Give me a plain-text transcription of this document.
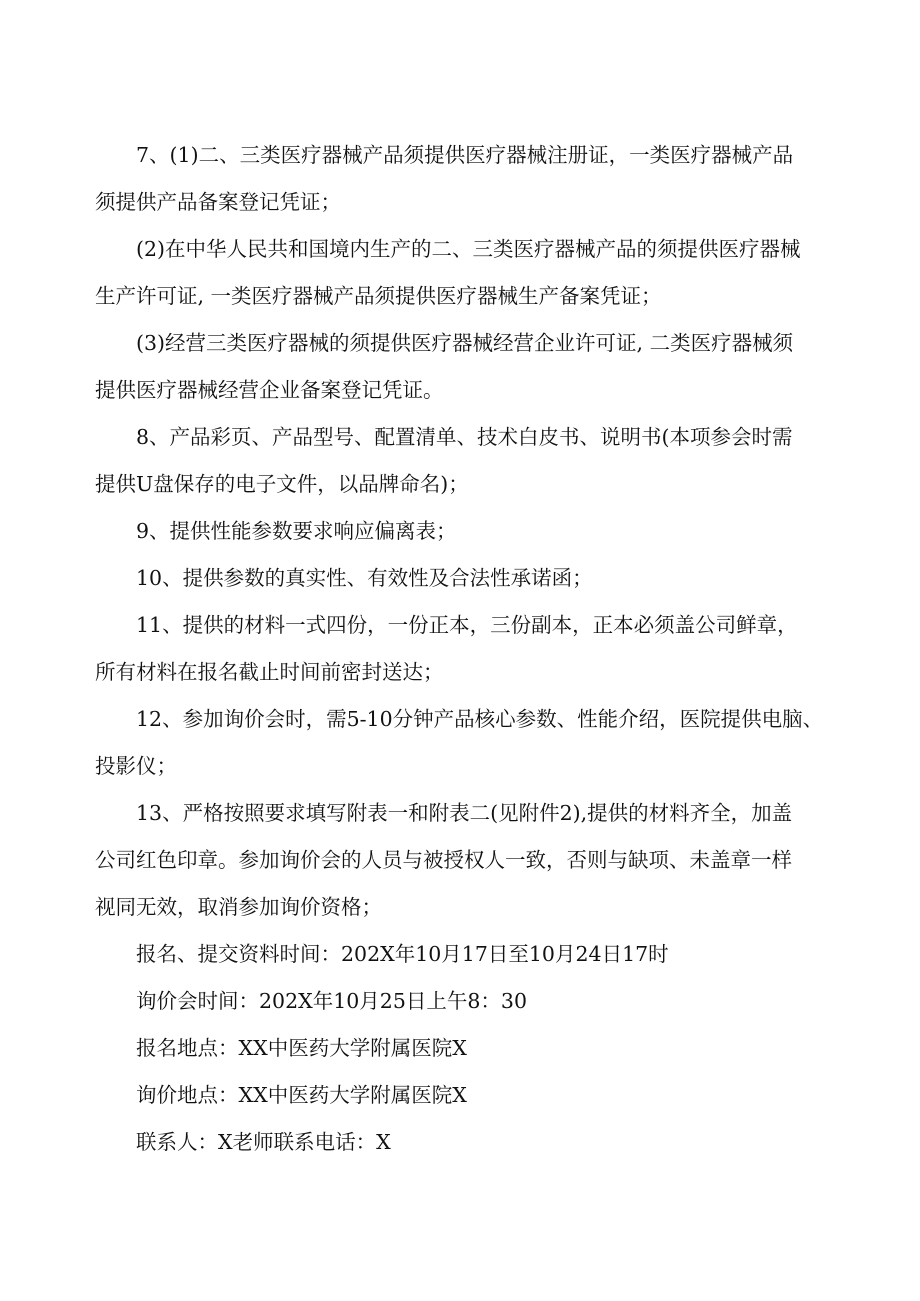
7、(1)二、三类医疗器械产品须提供医疗器械注册证，一类医疗器械产品
须提供产品备案登记凭证；

(2)在中华人民共和国境内生产的二、三类医疗器械产品的须提供医疗器械
生产许可证, 一类医疗器械产品须提供医疗器械生产备案凭证；

(3)经营三类医疗器械的须提供医疗器械经营企业许可证, 二类医疗器械须
提供医疗器械经营企业备案登记凭证。

8、产品彩页、产品型号、配置清单、技术白皮书、说明书(本项参会时需
提供U盘保存的电子文件，以品牌命名)；

9、提供性能参数要求响应偏离表；

10、提供参数的真实性、有效性及合法性承诺函；

11、提供的材料一式四份，一份正本，三份副本，正本必须盖公司鲜章，
所有材料在报名截止时间前密封送达；

12、参加询价会时，需5-10分钟产品核心参数、性能介绍，医院提供电脑、
投影仪；

13、严格按照要求填写附表一和附表二(见附件2),提供的材料齐全，加盖
公司红色印章。参加询价会的人员与被授权人一致，否则与缺项、未盖章一样
视同无效，取消参加询价资格；

报名、提交资料时间：202X年10月17日至10月24日17时

询价会时间：202X年10月25日上午8：30

报名地点：XX中医药大学附属医院X

询价地点：XX中医药大学附属医院X

联系人：X老师联系电话：X
